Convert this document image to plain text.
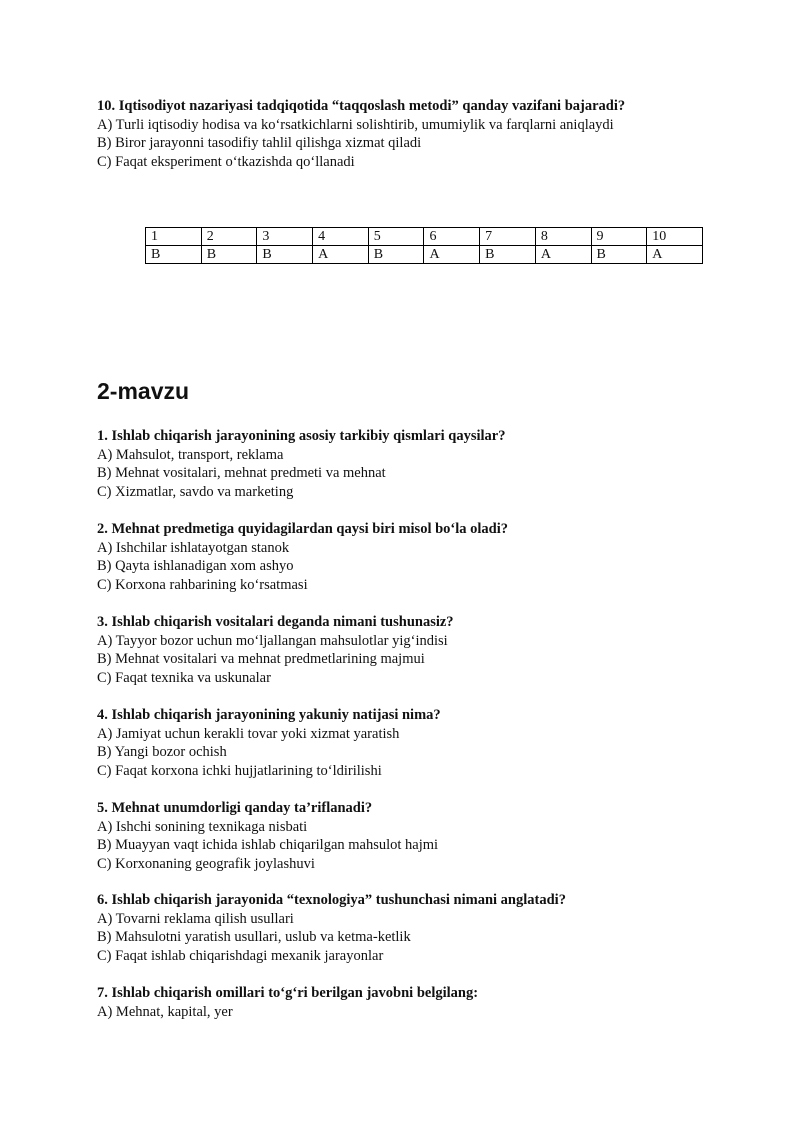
10. Iqtisodiyot nazariyasi tadqiqotida “taqqoslash metodi” qanday vazifani bajaradi?

A) Turli iqtisodiy hodisa va ko‘rsatkichlarni solishtirib, umumiylik va farqlarni aniqlaydi

B) Biror jarayonni tasodifiy tahlil qilishga xizmat qiladi

C) Faqat eksperiment o‘tkazishda qo‘llanadi

1	2	3	4	5	6	7	8	9	10
B	B	B	A	B	A	B	A	B	A
2-mavzu

1. Ishlab chiqarish jarayonining asosiy tarkibiy qismlari qaysilar?

A) Mahsulot, transport, reklama

B) Mehnat vositalari, mehnat predmeti va mehnat

C) Xizmatlar, savdo va marketing

2. Mehnat predmetiga quyidagilardan qaysi biri misol bo‘la oladi?

A) Ishchilar ishlatayotgan stanok

B) Qayta ishlanadigan xom ashyo

C) Korxona rahbarining ko‘rsatmasi

3. Ishlab chiqarish vositalari deganda nimani tushunasiz?

A) Tayyor bozor uchun mo‘ljallangan mahsulotlar yig‘indisi

B) Mehnat vositalari va mehnat predmetlarining majmui

C) Faqat texnika va uskunalar

4. Ishlab chiqarish jarayonining yakuniy natijasi nima?

A) Jamiyat uchun kerakli tovar yoki xizmat yaratish

B) Yangi bozor ochish

C) Faqat korxona ichki hujjatlarining to‘ldirilishi

5. Mehnat unumdorligi qanday ta’riflanadi?

A) Ishchi sonining texnikaga nisbati

B) Muayyan vaqt ichida ishlab chiqarilgan mahsulot hajmi

C) Korxonaning geografik joylashuvi

6. Ishlab chiqarish jarayonida “texnologiya” tushunchasi nimani anglatadi?

A) Tovarni reklama qilish usullari

B) Mahsulotni yaratish usullari, uslub va ketma-ketlik

C) Faqat ishlab chiqarishdagi mexanik jarayonlar

7. Ishlab chiqarish omillari to‘g‘ri berilgan javobni belgilang:

A) Mehnat, kapital, yer
